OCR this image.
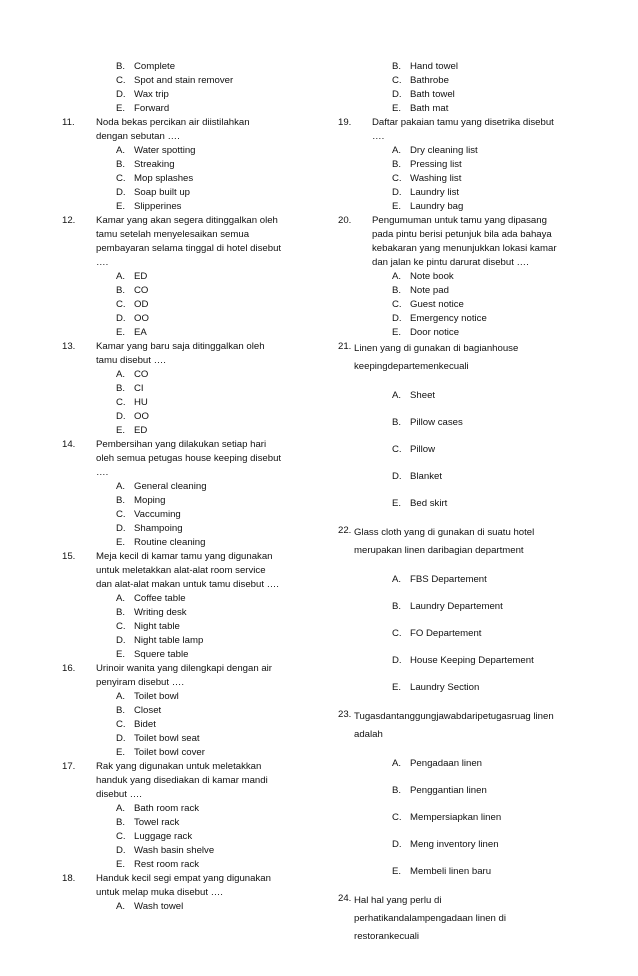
B. Complete
C. Spot and stain remover
D. Wax trip
E. Forward
11.	Noda bekas percikan air diistilahkan
dengan sebutan ….
A. Water spotting
B. Streaking
C. Mop splashes
D. Soap built up
E. Slipperines
12.	Kamar yang akan segera ditinggalkan oleh
tamu setelah menyelesaikan semua
pembayaran selama tinggal di hotel disebut
….
A. ED
B. CO
C. OD
D. OO
E. EA
13.	Kamar yang baru saja ditinggalkan oleh
tamu disebut ….
A. CO
B. CI
C. HU
D. OO
E. ED
14.	Pembersihan yang dilakukan setiap hari
oleh semua petugas house keeping disebut
….
A. General cleaning
B. Moping
C. Vaccuming
D. Shampoing
E. Routine cleaning
15.	Meja kecil di kamar tamu yang digunakan
untuk meletakkan alat-alat room service
dan alat-alat makan untuk tamu disebut ….
A. Coffee table
B. Writing desk
C. Night table
D. Night table lamp
E. Squere table
16.	Urinoir wanita yang dilengkapi dengan air
penyiram disebut ….
A. Toilet bowl
B. Closet
C. Bidet
D. Toilet bowl seat
E. Toilet bowl cover
17.	Rak yang digunakan untuk meletakkan
handuk yang disediakan di kamar mandi
disebut ….
A. Bath room rack
B. Towel rack
C. Luggage rack
D. Wash basin shelve
E. Rest room rack
18.	Handuk kecil segi empat yang digunakan
untuk melap muka disebut ….
A. Wash towel
B. Hand towel
C. Bathrobe
D. Bath towel
E. Bath mat
19.	Daftar pakaian tamu yang disetrika disebut
….
A. Dry cleaning list
B. Pressing list
C. Washing list
D. Laundry list
E. Laundry bag
20.	Pengumuman untuk tamu yang dipasang
pada pintu berisi petunjuk bila ada bahaya
kebakaran yang menunjukkan lokasi kamar
dan jalan ke pintu darurat disebut ….
A. Note book
B. Note pad
C. Guest notice
D. Emergency notice
E. Door notice
21. Linen yang di gunakan di bagianhouse
keepingdepartemenkecuali
A. Sheet
B. Pillow cases
C. Pillow
D. Blanket
E. Bed skirt
22. Glass cloth yang di gunakan di suatu hotel
merupakan linen daribagian department
A. FBS Departement
B. Laundry Departement
C. FO Departement
D. House Keeping Departement
E. Laundry Section
23. Tugasdantanggungjawabdaripetugasruag linen
adalah
A. Pengadaan linen
B. Penggantian linen
C. Mempersiapkan linen
D. Meng inventory linen
E. Membeli linen baru
24. Hal hal yang perlu di
perhatikandalampengadaan linen di
restorankecuali
